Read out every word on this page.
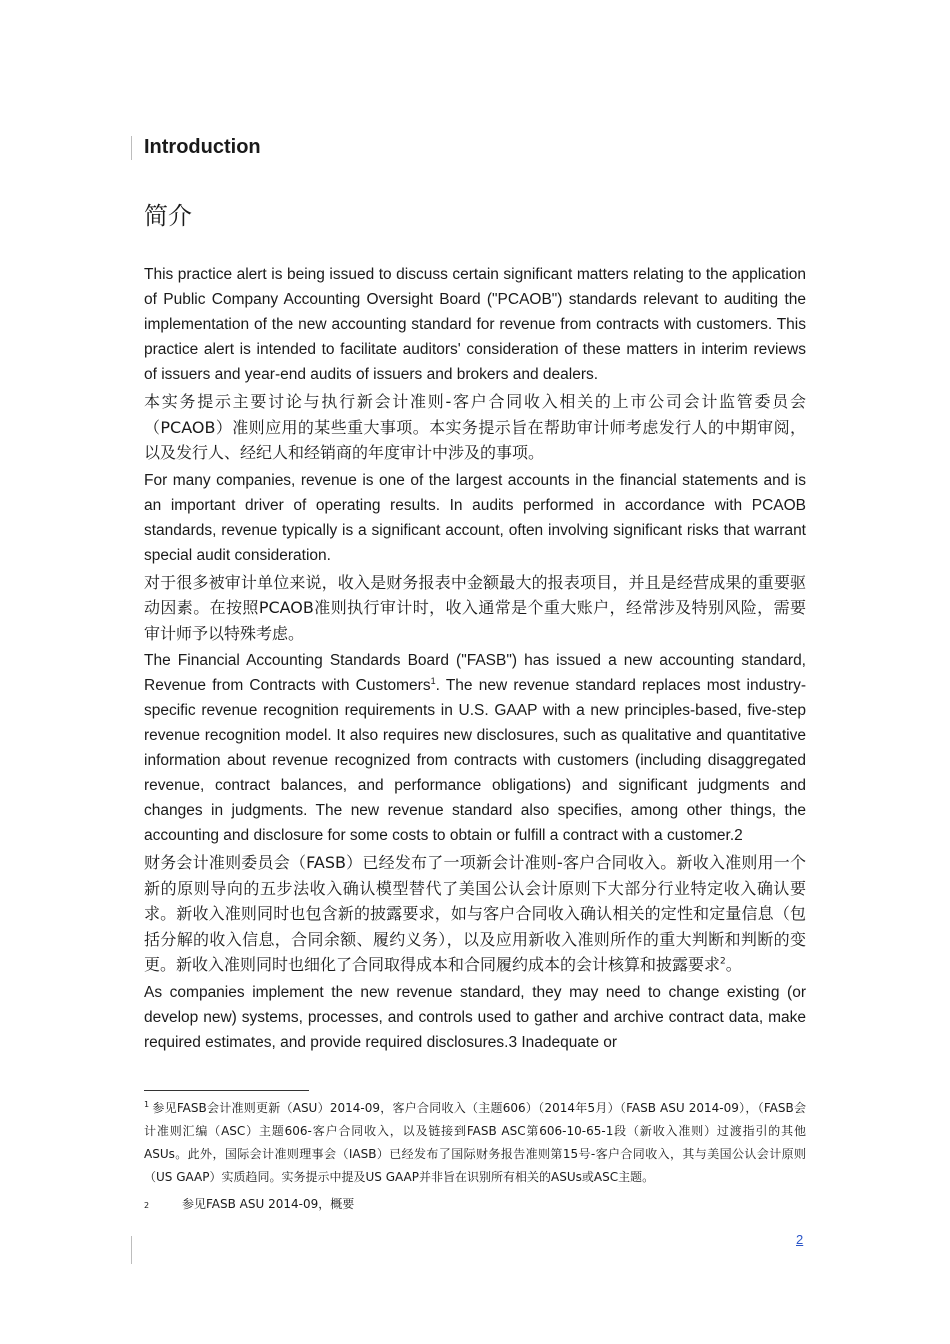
Introduction
简介

This practice alert is being issued to discuss certain significant matters relating to the application of Public Company Accounting Oversight Board ("PCAOB") standards relevant to auditing the implementation of the new accounting standard for revenue from contracts with customers. This practice alert is intended to facilitate auditors' consideration of these matters in interim reviews of issuers and year-end audits of issuers and brokers and dealers.

本实务提示主要讨论与执行新会计准则-客户合同收入相关的上市公司会计监管委员会（PCAOB）准则应用的某些重大事项。本实务提示旨在帮助审计师考虑发行人的中期审阅，以及发行人、经纪人和经销商的年度审计中涉及的事项。

For many companies, revenue is one of the largest accounts in the financial statements and is an important driver of operating results. In audits performed in accordance with PCAOB standards, revenue typically is a significant account, often involving significant risks that warrant special audit consideration.

对于很多被审计单位来说，收入是财务报表中金额最大的报表项目，并且是经营成果的重要驱动因素。在按照PCAOB准则执行审计时，收入通常是个重大账户，经常涉及特别风险，需要审计师予以特殊考虑。

The Financial Accounting Standards Board ("FASB") has issued a new accounting standard, Revenue from Contracts with Customers$^1$. The new revenue standard replaces most industry-specific revenue recognition requirements in U.S. GAAP with a new principles-based, five-step revenue recognition model. It also requires new disclosures, such as qualitative and quantitative information about revenue recognized from contracts with customers (including disaggregated revenue, contract balances, and performance obligations) and significant judgments and changes in judgments. The new revenue standard also specifies, among other things, the accounting and disclosure for some costs to obtain or fulfill a contract with a customer.2

财务会计准则委员会（FASB）已经发布了一项新会计准则-客户合同收入。新收入准则用一个新的原则导向的五步法收入确认模型替代了美国公认会计原则下大部分行业特定收入确认要求。新收入准则同时也包含新的披露要求，如与客户合同收入确认相关的定性和定量信息（包括分解的收入信息，合同余额、履约义务），以及应用新收入准则所作的重大判断和判断的变更。新收入准则同时也细化了合同取得成本和合同履约成本的会计核算和披露要求$^2$。

As companies implement the new revenue standard, they may need to change existing (or develop new) systems, processes, and controls used to gather and archive contract data, make required estimates, and provide required disclosures.3 Inadequate or

$^1$ 参见FASB会计准则更新（ASU）2014-09，客户合同收入（主题606）（2014年5月）（FASB ASU 2014-09），（FASB会计准则汇编（ASC）主题606-客户合同收入，以及链接到FASB ASC第606-10-65-1段（新收入准则）过渡指引的其他ASUs。此外，国际会计准则理事会（IASB）已经发布了国际财务报告准则第15号-客户合同收入，其与美国公认会计原则（US GAAP）实质趋同。实务提示中提及US GAAP并非旨在识别所有相关的ASUs或ASC主题。
2	参见FASB ASU 2014-09，概要
2
